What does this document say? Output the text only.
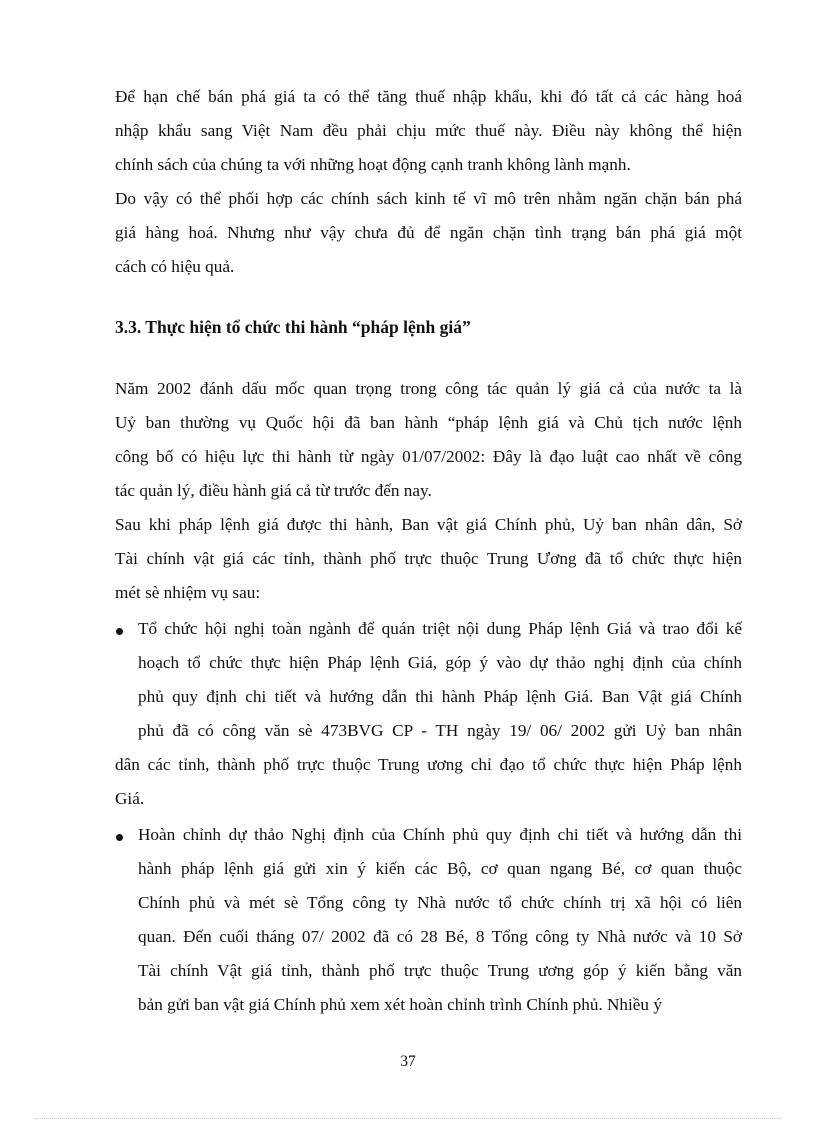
Để hạn chế bán phá giá ta có thể tăng thuế nhập khẩu, khi đó tất cả các hàng hoá
nhập khẩu sang Việt Nam đều phải chịu mức thuế này. Điều này không thể hiện
chính sách của chúng ta với những hoạt động cạnh tranh không lành mạnh.
Do vậy có thể phối hợp các chính sách kinh tế vĩ mô trên nhằm ngăn chặn bán phá
giá hàng hoá. Nhưng như vậy chưa đủ để ngăn chặn tình trạng bán phá giá một
cách có hiệu quả.
3.3. Thực hiện tổ chức thi hành “pháp lệnh giá”
Năm 2002 đánh dấu mốc quan trọng trong công tác quản lý giá cả của nước ta là
Uỷ ban thường vụ Quốc hội đã ban hành “pháp lệnh giá và Chủ tịch nước lệnh
công bố có hiệu lực thi hành từ ngày 01/07/2002: Đây là đạo luật cao nhất về công
tác quản lý, điều hành giá cả từ trước đến nay.
Sau khi pháp lệnh giá được thi hành, Ban vật giá Chính phủ, Uỷ ban nhân dân, Sở
Tài chính vật giá các tỉnh, thành phố trực thuộc Trung Ương đã tổ chức thực hiện
mét sè nhiệm vụ sau:
Tổ chức hội nghị toàn ngành để quán triệt nội dung Pháp lệnh Giá và trao đổi kế
hoạch tổ chức thực hiện Pháp lệnh Giá, góp ý vào dự thảo nghị định của chính
phủ quy định chi tiết và hướng dẫn thi hành Pháp lệnh Giá. Ban Vật giá Chính
phủ đã có công văn sè 473BVG CP - TH ngày 19/ 06/ 2002 gửi Uỷ ban nhân
dân các tỉnh, thành phố trực thuộc Trung ương chỉ đạo tổ chức thực hiện Pháp lệnh
Giá.
Hoàn chỉnh dự thảo Nghị định của Chính phủ quy định chi tiết và hướng dẫn thi
hành pháp lệnh giá gửi xin ý kiến các Bộ, cơ quan ngang Bé, cơ quan thuộc
Chính phủ và mét sè Tổng công ty Nhà nước tổ chức chính trị xã hội có liên
quan. Đến cuối tháng 07/ 2002 đã có 28 Bé, 8 Tổng công ty Nhà nước và 10 Sở
Tài chính Vật giá tỉnh, thành phố trực thuộc Trung ương góp ý kiến bằng văn
bản gửi ban vật giá Chính phủ xem xét hoàn chỉnh trình Chính phủ. Nhiều ý
37
